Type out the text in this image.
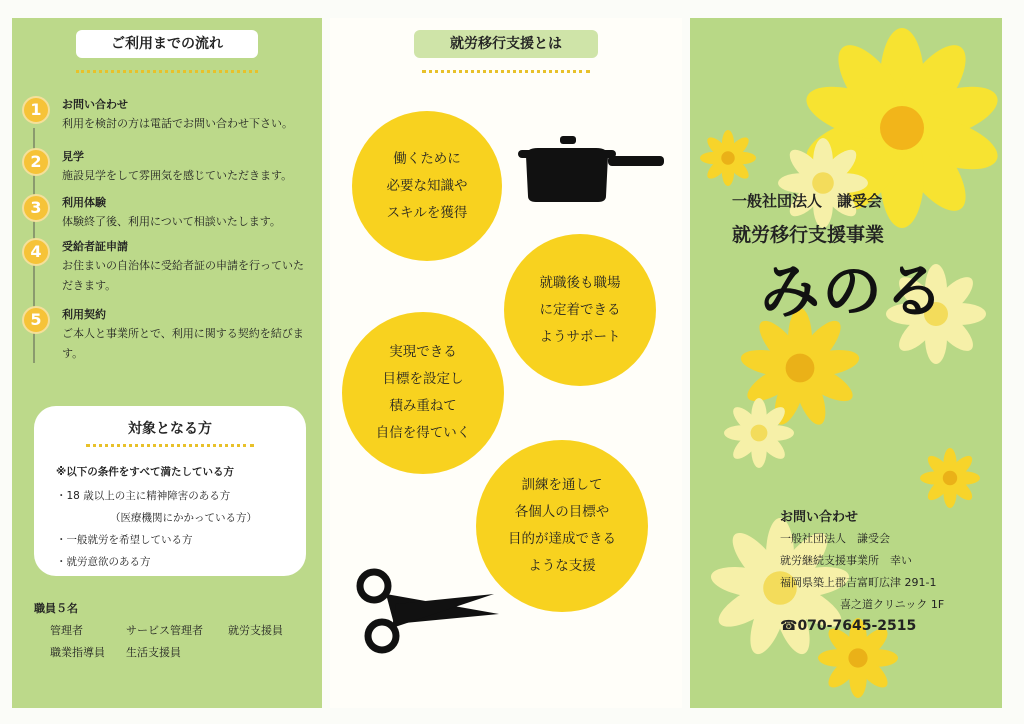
ご利用までの流れ
1	お問い合わせ
利用を検討の方は電話でお問い合わせ下さい。
2	見学
施設見学をして雰囲気を感じていただきます。
3	利用体験
体験終了後、利用について相談いたします。
4	受給者証申請
お住まいの自治体に受給者証の申請を行っていただきます。
5	利用契約
ご本人と事業所とで、利用に関する契約を結びます。
対象となる方
※以下の条件をすべて満たしている方
・18 歳以上の主に精神障害のある方
（医療機関にかかっている方）
・一般就労を希望している方
・就労意欲のある方
職員５名
管理者	サービス管理者 就労支援員
職業指導員 生活支援員
就労移行支援とは
働くために
必要な知識や
スキルを獲得
就職後も職場
に定着できる
ようサポート
実現できる
目標を設定し
積み重ねて
自信を得ていく
訓練を通して
各個人の目標や
目的が達成できる
ような支援
一般社団法人　謙受会
就労移行支援事業
みのる
お問い合わせ
一般社団法人　謙受会
就労継続支援事業所　幸い
福岡県築上郡吉富町広津 291-1
喜之道クリニック 1F
☎070-7645-2515
